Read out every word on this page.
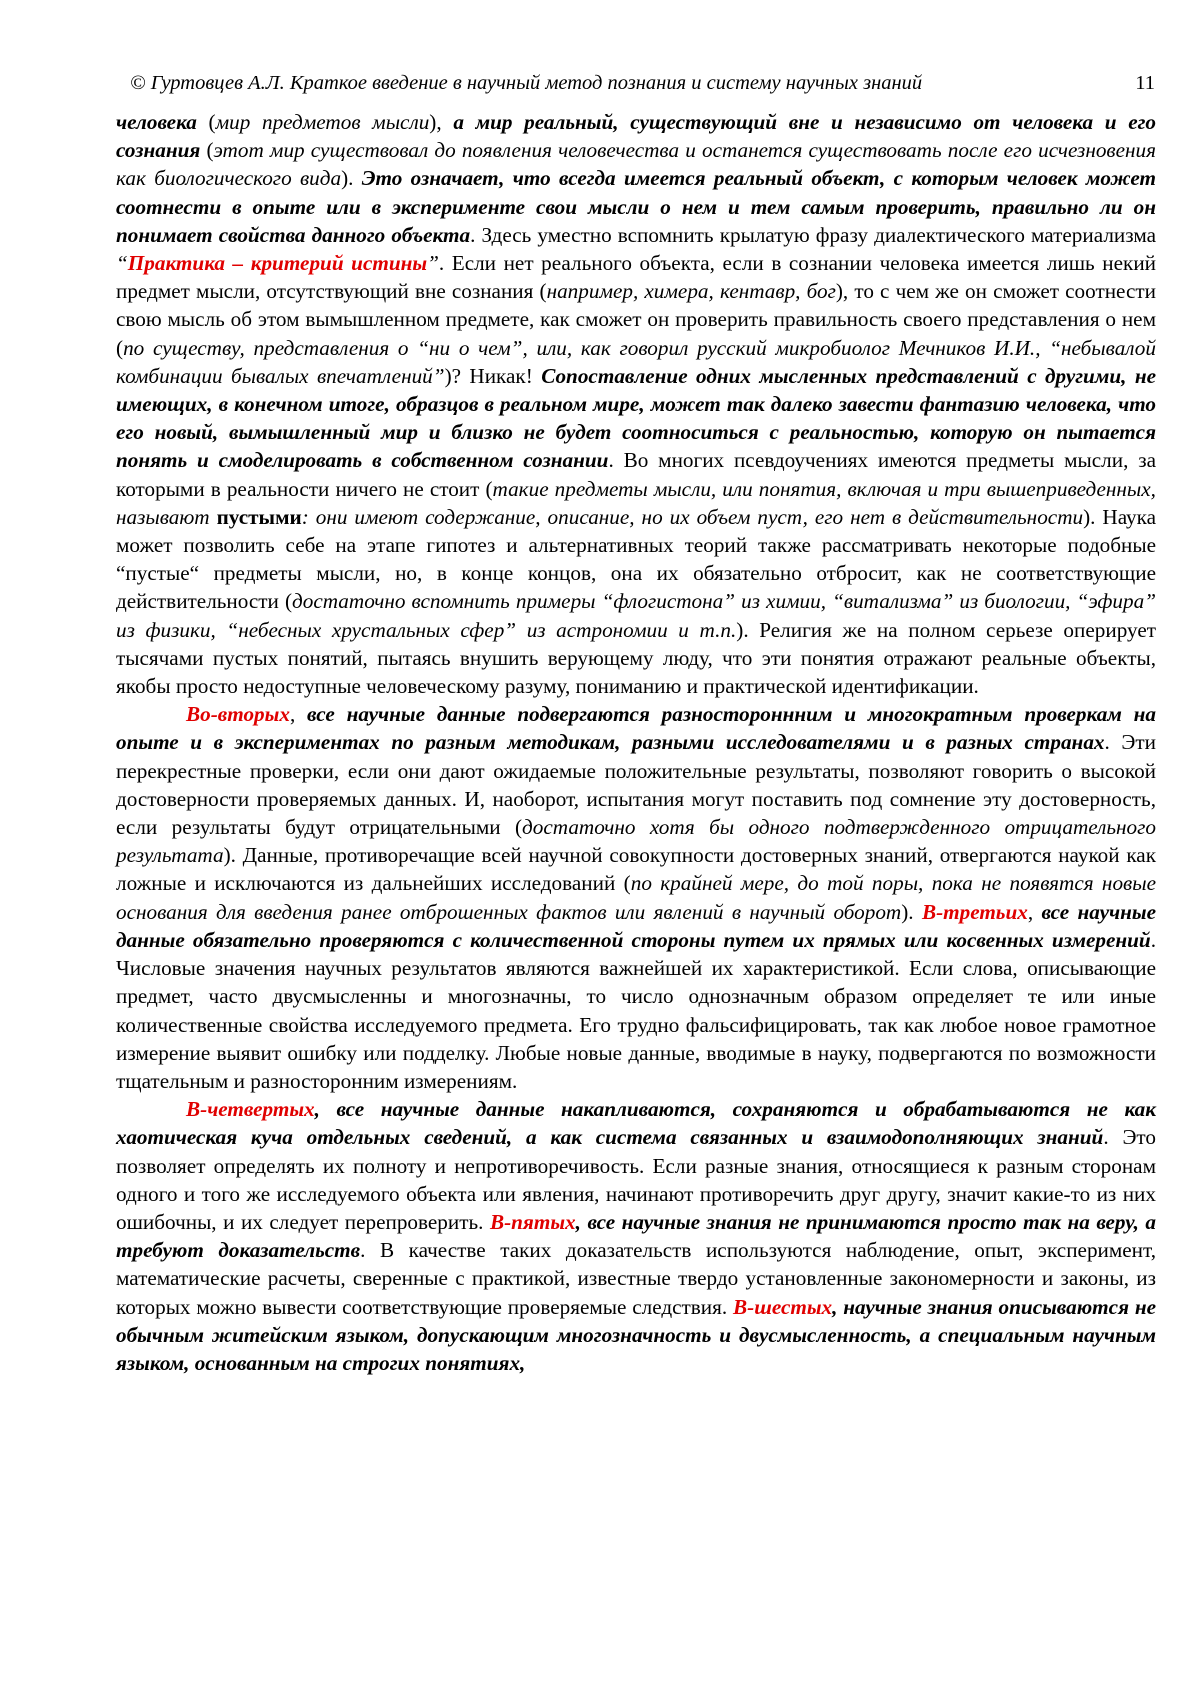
© Гуртовцев А.Л. Краткое введение в научный метод познания и систему научных знаний	11

человека (мир предметов мысли), а мир реальный, существующий вне и независимо от человека и его сознания (этот мир существовал до появления человечества и останется существовать после его исчезновения как биологического вида). Это означает, что всегда имеется реальный объект, с которым человек может соотнести в опыте или в эксперименте свои мысли о нем и тем самым проверить, правильно ли он понимает свойства данного объекта. Здесь уместно вспомнить крылатую фразу диалектического материализма “Практика – критерий истины”. Если нет реального объекта, если в сознании человека имеется лишь некий предмет мысли, отсутствующий вне сознания (например, химера, кентавр, бог), то с чем же он сможет соотнести свою мысль об этом вымышленном предмете, как сможет он проверить правильность своего представления о нем (по существу, представления о “ни о чем”, или, как говорил русский микробиолог Мечников И.И., “небывалой комбинации бывалых впечатлений”)? Никак! Сопоставление одних мысленных представлений с другими, не имеющих, в конечном итоге, образцов в реальном мире, может так далеко завести фантазию человека, что его новый, вымышленный мир и близко не будет соотноситься с реальностью, которую он пытается понять и смоделировать в собственном сознании. Во многих псевдоучениях имеются предметы мысли, за которыми в реальности ничего не стоит (такие предметы мысли, или понятия, включая и три вышеприведенных, называют пустыми: они имеют содержание, описание, но их объем пуст, его нет в действительности). Наука может позволить себе на этапе гипотез и альтернативных теорий также рассматривать некоторые подобные “пустые“ предметы мысли, но, в конце концов, она их обязательно отбросит, как не соответствующие действительности (достаточно вспомнить примеры “флогистона” из химии, “витализма” из биологии, “эфира” из физики, “небесных хрустальных сфер” из астрономии и т.п.). Религия же на полном серьезе оперирует тысячами пустых понятий, пытаясь внушить верующему люду, что эти понятия отражают реальные объекты, якобы просто недоступные человеческому разуму, пониманию и практической идентификации.

Во-вторых, все научные данные подвергаются разностороннним и многократным проверкам на опыте и в экспериментах по разным методикам, разными исследователями и в разных странах. Эти перекрестные проверки, если они дают ожидаемые положительные результаты, позволяют говорить о высокой достоверности проверяемых данных. И, наоборот, испытания могут поставить под сомнение эту достоверность, если результаты будут отрицательными (достаточно хотя бы одного подтвержденного отрицательного результата). Данные, противоречащие всей научной совокупности достоверных знаний, отвергаются наукой как ложные и исключаются из дальнейших исследований (по крайней мере, до той поры, пока не появятся новые основания для введения ранее отброшенных фактов или явлений в научный оборот). В-третьих, все научные данные обязательно проверяются с количественной стороны путем их прямых или косвенных измерений. Числовые значения научных результатов являются важнейшей их характеристикой. Если слова, описывающие предмет, часто двусмысленны и многозначны, то число однозначным образом определяет те или иные количественные свойства исследуемого предмета. Его трудно фальсифицировать, так как любое новое грамотное измерение выявит ошибку или подделку. Любые новые данные, вводимые в науку, подвергаются по возможности тщательным и разносторонним измерениям.

В-четвертых, все научные данные накапливаются, сохраняются и обрабатываются не как хаотическая куча отдельных сведений, а как система связанных и взаимодополняющих знаний. Это позволяет определять их полноту и непротиворечивость. Если разные знания, относящиеся к разным сторонам одного и того же исследуемого объекта или явления, начинают противоречить друг другу, значит какие-то из них ошибочны, и их следует перепроверить. В-пятых, все научные знания не принимаются просто так на веру, а требуют доказательств. В качестве таких доказательств используются наблюдение, опыт, эксперимент, математические расчеты, сверенные с практикой, известные твердо установленные закономерности и законы, из которых можно вывести соответствующие проверяемые следствия. В-шестых, научные знания описываются не обычным житейским языком, допускающим многозначность и двусмысленность, а специальным научным языком, основанным на строгих понятиях,
